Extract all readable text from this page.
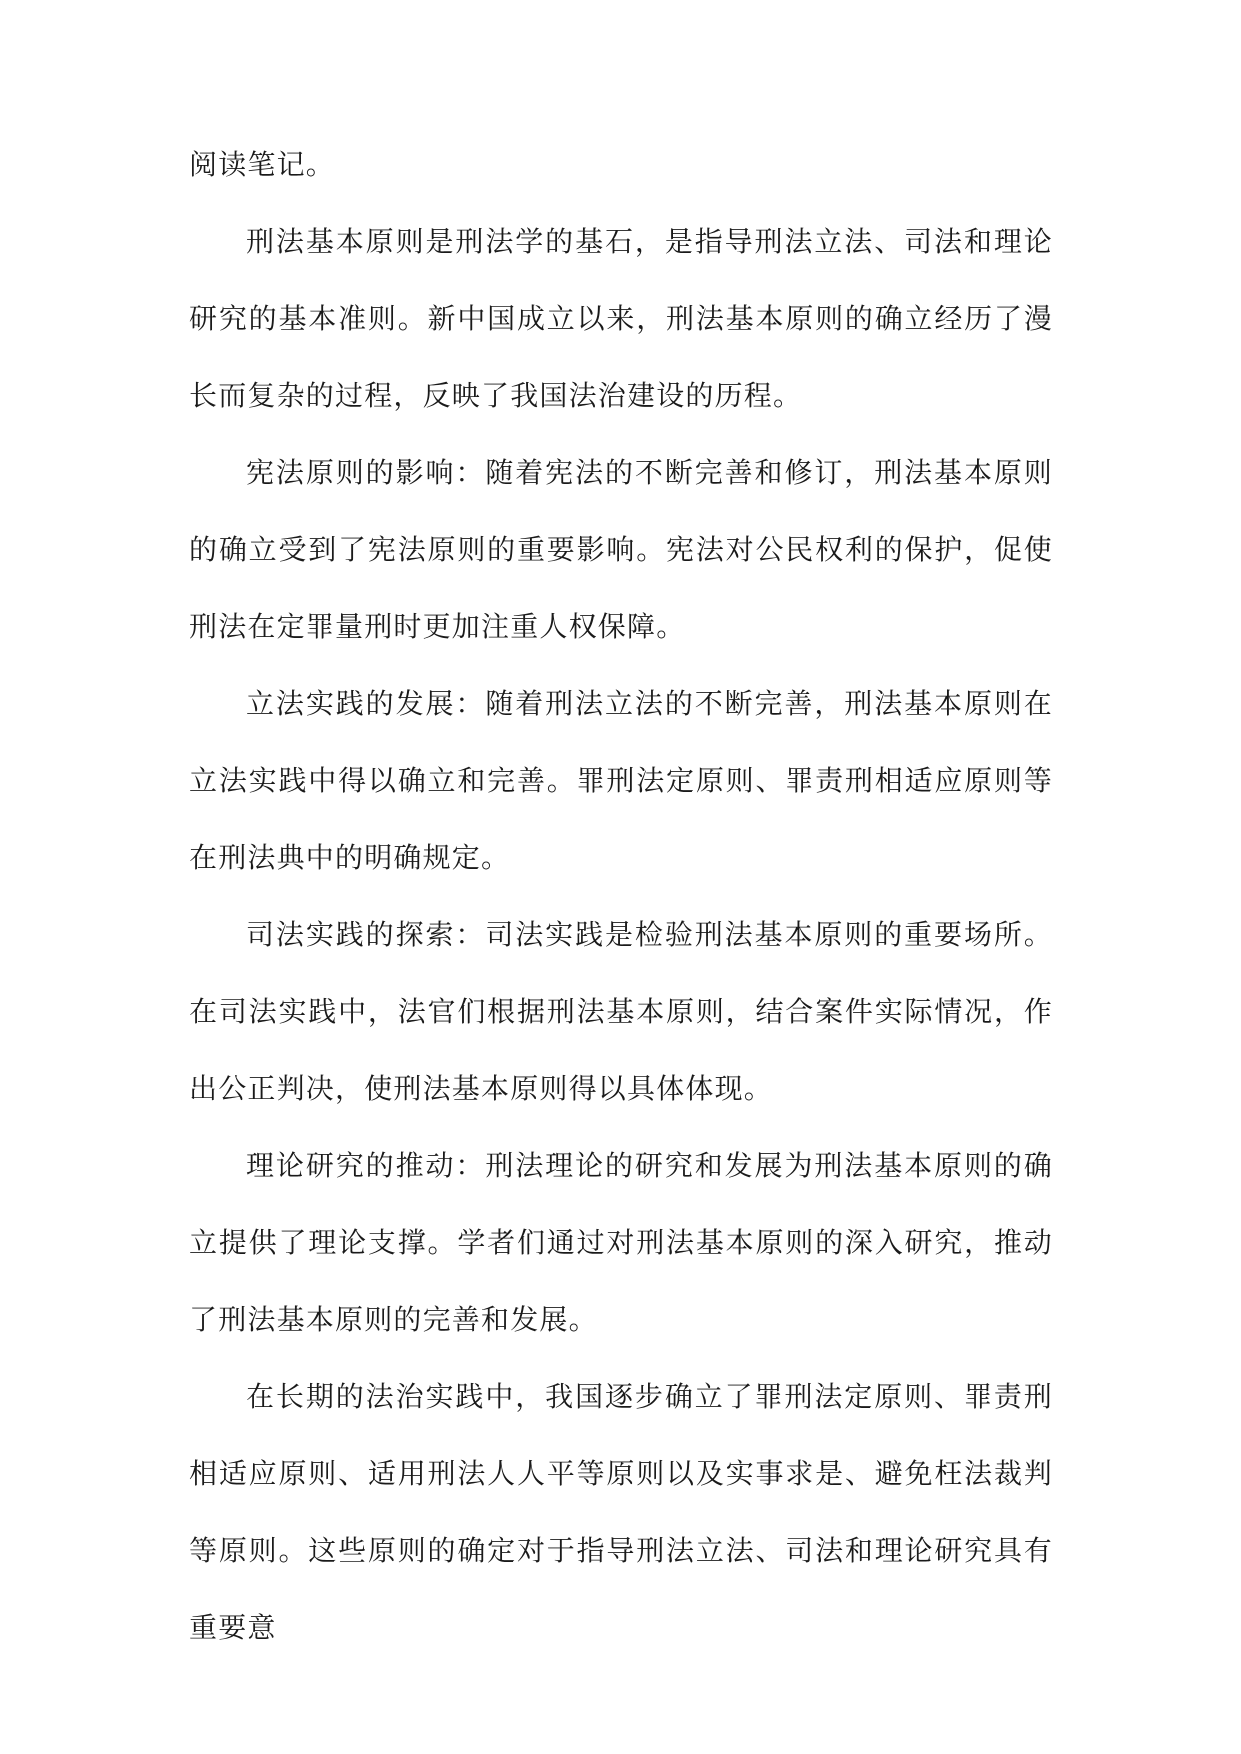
阅读笔记。

刑法基本原则是刑法学的基石，是指导刑法立法、司法和理论研究的基本准则。新中国成立以来，刑法基本原则的确立经历了漫长而复杂的过程，反映了我国法治建设的历程。

宪法原则的影响：随着宪法的不断完善和修订，刑法基本原则的确立受到了宪法原则的重要影响。宪法对公民权利的保护，促使刑法在定罪量刑时更加注重人权保障。

立法实践的发展：随着刑法立法的不断完善，刑法基本原则在立法实践中得以确立和完善。罪刑法定原则、罪责刑相适应原则等在刑法典中的明确规定。

司法实践的探索：司法实践是检验刑法基本原则的重要场所。在司法实践中，法官们根据刑法基本原则，结合案件实际情况，作出公正判决，使刑法基本原则得以具体体现。

理论研究的推动：刑法理论的研究和发展为刑法基本原则的确立提供了理论支撑。学者们通过对刑法基本原则的深入研究，推动了刑法基本原则的完善和发展。

在长期的法治实践中，我国逐步确立了罪刑法定原则、罪责刑相适应原则、适用刑法人人平等原则以及实事求是、避免枉法裁判等原则。这些原则的确定对于指导刑法立法、司法和理论研究具有重要意
